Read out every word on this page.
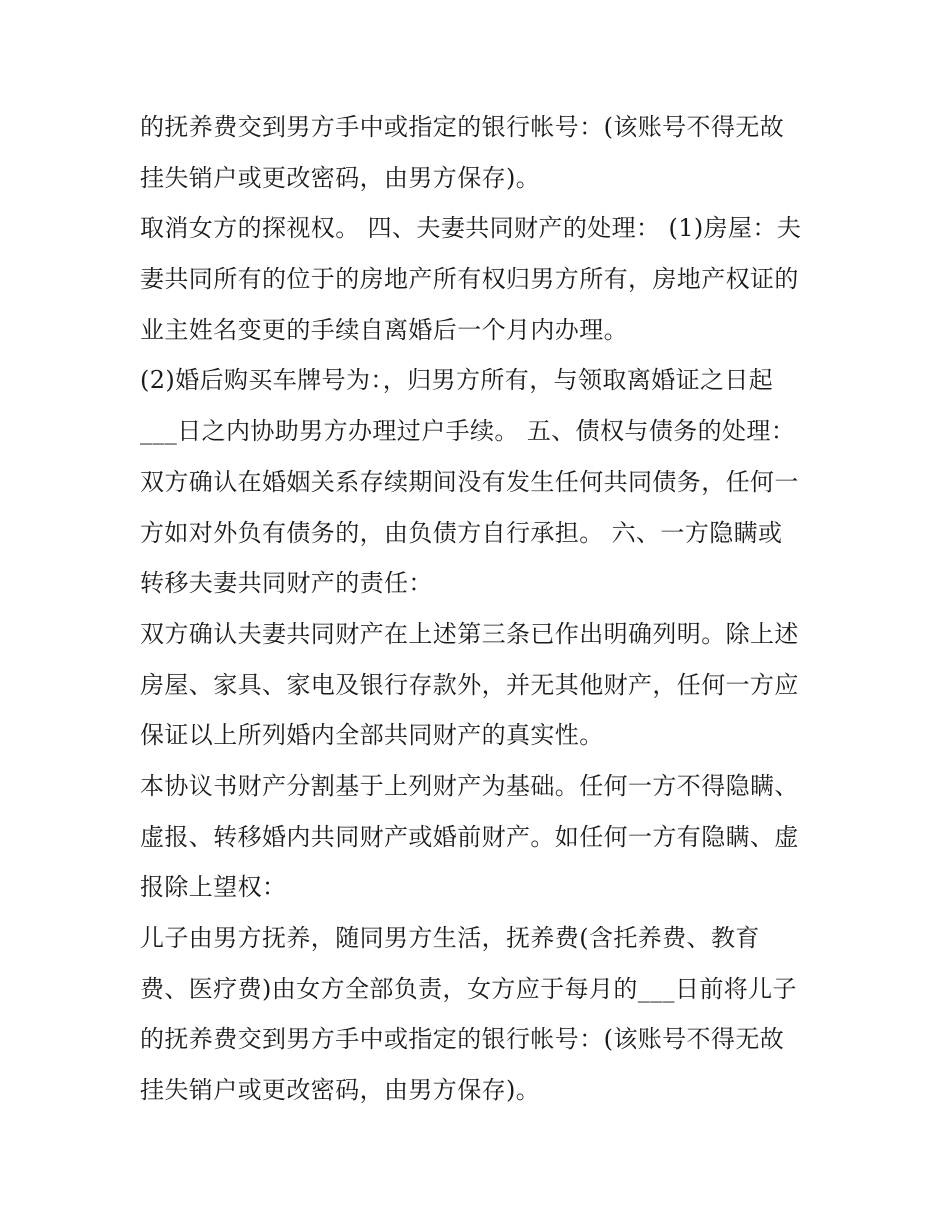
的抚养费交到男方手中或指定的银行帐号：(该账号不得无故
挂失销户或更改密码，由男方保存)。
取消女方的探视权。 四、夫妻共同财产的处理： (1)房屋：夫
妻共同所有的位于的房地产所有权归男方所有，房地产权证的
业主姓名变更的手续自离婚后一个月内办理。
(2)婚后购买车牌号为：，归男方所有，与领取离婚证之日起
___日之内协助男方办理过户手续。 五、债权与债务的处理：
双方确认在婚姻关系存续期间没有发生任何共同债务，任何一
方如对外负有债务的，由负债方自行承担。 六、一方隐瞒或
转移夫妻共同财产的责任：
双方确认夫妻共同财产在上述第三条已作出明确列明。除上述
房屋、家具、家电及银行存款外，并无其他财产，任何一方应
保证以上所列婚内全部共同财产的真实性。
本协议书财产分割基于上列财产为基础。任何一方不得隐瞒、
虚报、转移婚内共同财产或婚前财产。如任何一方有隐瞒、虚
报除上望权：
儿子由男方抚养，随同男方生活，抚养费(含托养费、教育
费、医疗费)由女方全部负责，女方应于每月的___日前将儿子
的抚养费交到男方手中或指定的银行帐号：(该账号不得无故
挂失销户或更改密码，由男方保存)。
